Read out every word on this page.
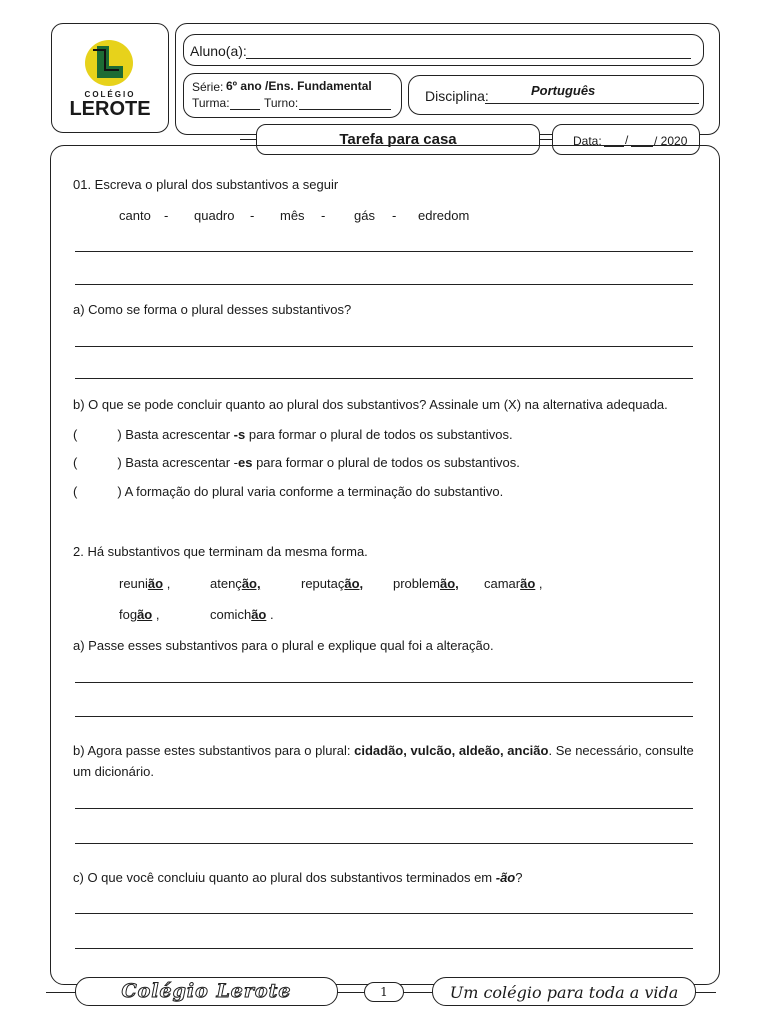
COLÉGIO
LEROTE
Aluno(a):
Série: 6º ano /Ens. Fundamental
Turma:	Turno:	Disciplina:	Português
Tarefa para casa	Data: / / 2020
01. Escreva o plural dos substantivos a seguir
canto - quadro - mês - gás - edredom
a) Como se forma o plural desses substantivos?
b) O que se pode concluir quanto ao plural dos substantivos? Assinale um (X) na alternativa adequada.
(	) Basta acrescentar -s para formar o plural de todos os substantivos.
(	) Basta acrescentar -es para formar o plural de todos os substantivos.
(	) A formação do plural varia conforme a terminação do substantivo.
2. Há substantivos que terminam da mesma forma.
reunião ,	atenção,	reputação, problemão, camarão ,
fogão ,	comichão .
a) Passe esses substantivos para o plural e explique qual foi a alteração.
b) Agora passe estes substantivos para o plural: cidadão, vulcão, aldeão, ancião. Se necessário, consulte
um dicionário.
c) O que você concluiu quanto ao plural dos substantivos terminados em -ão?
Colégio Lerote	1	Um colégio para toda a vida
